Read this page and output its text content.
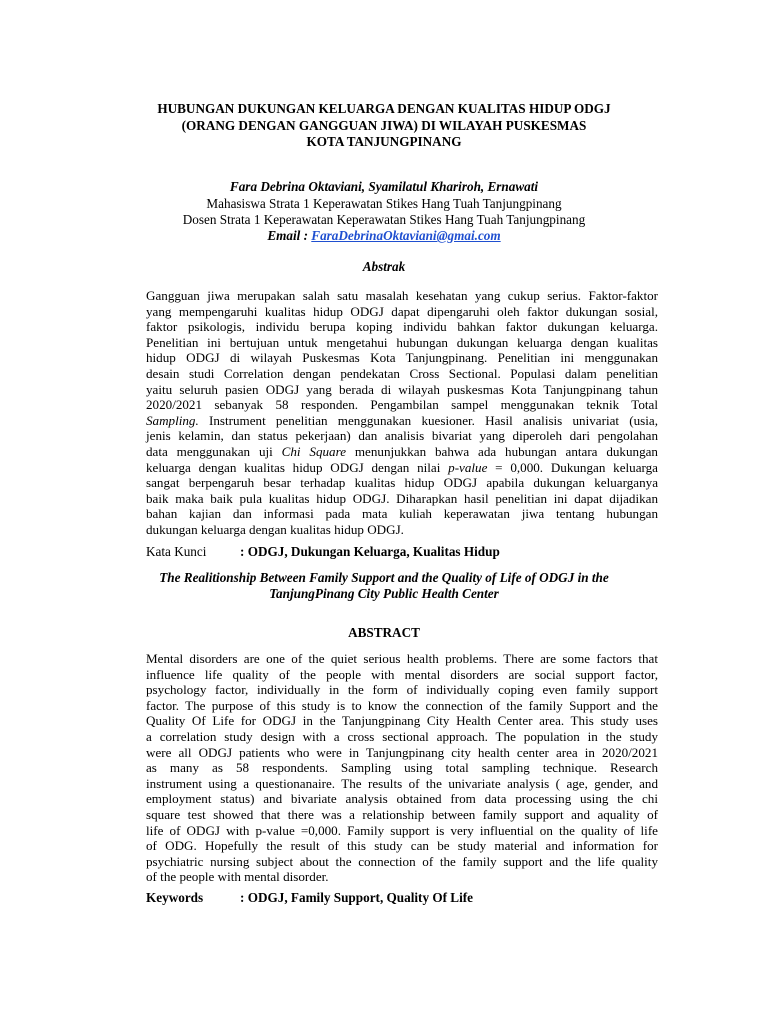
HUBUNGAN DUKUNGAN KELUARGA DENGAN KUALITAS HIDUP ODGJ
(ORANG DENGAN GANGGUAN JIWA) DI WILAYAH PUSKESMAS
KOTA TANJUNGPINANG
Fara Debrina Oktaviani, Syamilatul Khariroh, Ernawati
Mahasiswa Strata 1 Keperawatan Stikes Hang Tuah Tanjungpinang
Dosen Strata 1 Keperawatan Keperawatan Stikes Hang Tuah Tanjungpinang
Email : FaraDebrinaOktaviani@gmai.com
Abstrak
Gangguan jiwa merupakan salah satu masalah kesehatan yang cukup serius. Faktor-faktor
yang mempengaruhi kualitas hidup ODGJ dapat dipengaruhi oleh faktor dukungan sosial,
faktor psikologis, individu berupa koping individu bahkan faktor dukungan keluarga.
Penelitian ini bertujuan untuk mengetahui hubungan dukungan keluarga dengan kualitas
hidup ODGJ di wilayah Puskesmas Kota Tanjungpinang. Penelitian ini menggunakan
desain studi Correlation dengan pendekatan Cross Sectional. Populasi dalam penelitian
yaitu seluruh pasien ODGJ yang berada di wilayah puskesmas Kota Tanjungpinang tahun
2020/2021 sebanyak 58 responden. Pengambilan sampel menggunakan teknik Total
Sampling. Instrument penelitian menggunakan kuesioner. Hasil analisis univariat (usia,
jenis kelamin, dan status pekerjaan) dan analisis bivariat yang diperoleh dari pengolahan
data menggunakan uji Chi Square menunjukkan bahwa ada hubungan antara dukungan
keluarga dengan kualitas hidup ODGJ dengan nilai p-value = 0,000. Dukungan keluarga
sangat berpengaruh besar terhadap kualitas hidup ODGJ apabila dukungan keluarganya
baik maka baik pula kualitas hidup ODGJ. Diharapkan hasil penelitian ini dapat dijadikan
bahan kajian dan informasi pada mata kuliah keperawatan jiwa tentang hubungan
dukungan keluarga dengan kualitas hidup ODGJ.
Kata Kunci	: ODGJ, Dukungan Keluarga, Kualitas Hidup
The Realitionship Between Family Support and the Quality of Life of ODGJ in the
TanjungPinang City Public Health Center
ABSTRACT
Mental disorders are one of the quiet serious health problems. There are some factors that
influence life quality of the people with mental disorders are social support factor,
psychology factor, individually in the form of individually coping even family support
factor. The purpose of this study is to know the connection of the family Support and the
Quality Of Life for ODGJ in the Tanjungpinang City Health Center area. This study uses
a correlation study design with a cross sectional approach. The population in the study
were all ODGJ patients who were in Tanjungpinang city health center area in 2020/2021
as many as 58 respondents. Sampling using total sampling technique. Research
instrument using a questionanaire. The results of the univariate analysis ( age, gender, and
employment status) and bivariate analysis obtained from data processing using the chi
square test showed that there was a relationship between family support and aquality of
life of ODGJ with p-value =0,000. Family support is very influential on the quality of life
of ODG. Hopefully the result of this study can be study material and information for
psychiatric nursing subject about the connection of the family support and the life quality
of the people with mental disorder.
Keywords	: ODGJ, Family Support, Quality Of Life
